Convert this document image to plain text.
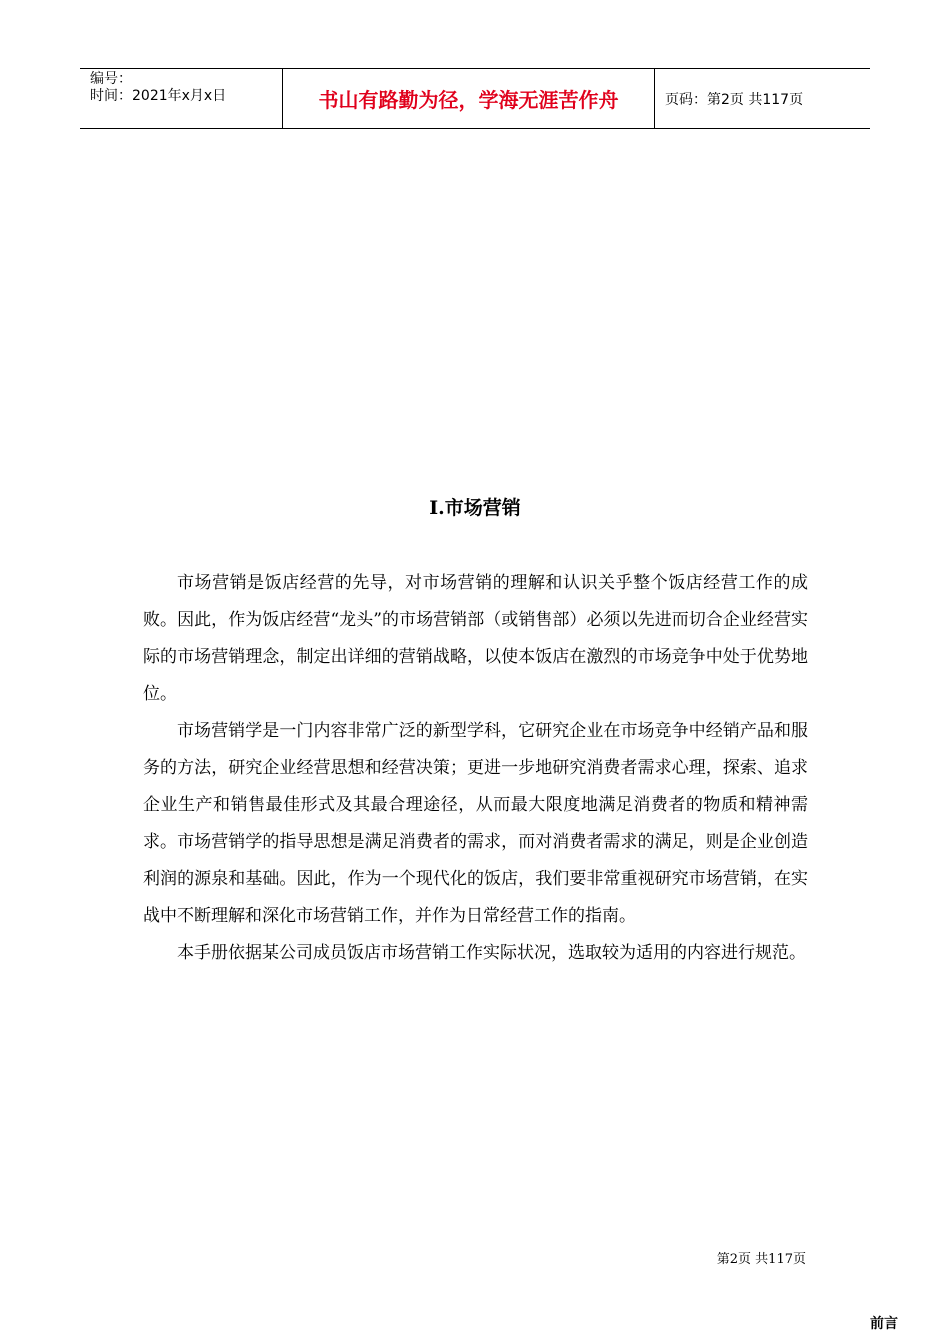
编号：
时间：2021年x月x日	书山有路勤为径，学海无涯苦作舟	页码：第2页 共117页
I.市场营销

市场营销是饭店经营的先导，对市场营销的理解和认识关乎整个饭店经营工作的成败。因此，作为饭店经营“龙头”的市场营销部（或销售部）必须以先进而切合企业经营实际的市场营销理念，制定出详细的营销战略，以使本饭店在激烈的市场竞争中处于优势地位。

市场营销学是一门内容非常广泛的新型学科，它研究企业在市场竞争中经销产品和服务的方法，研究企业经营思想和经营决策；更进一步地研究消费者需求心理，探索、追求企业生产和销售最佳形式及其最合理途径，从而最大限度地满足消费者的物质和精神需求。市场营销学的指导思想是满足消费者的需求，而对消费者需求的满足，则是企业创造利润的源泉和基础。因此，作为一个现代化的饭店，我们要非常重视研究市场营销，在实战中不断理解和深化市场营销工作，并作为日常经营工作的指南。

本手册依据某公司成员饭店市场营销工作实际状况，选取较为适用的内容进行规范。

第2页 共117页
前言
